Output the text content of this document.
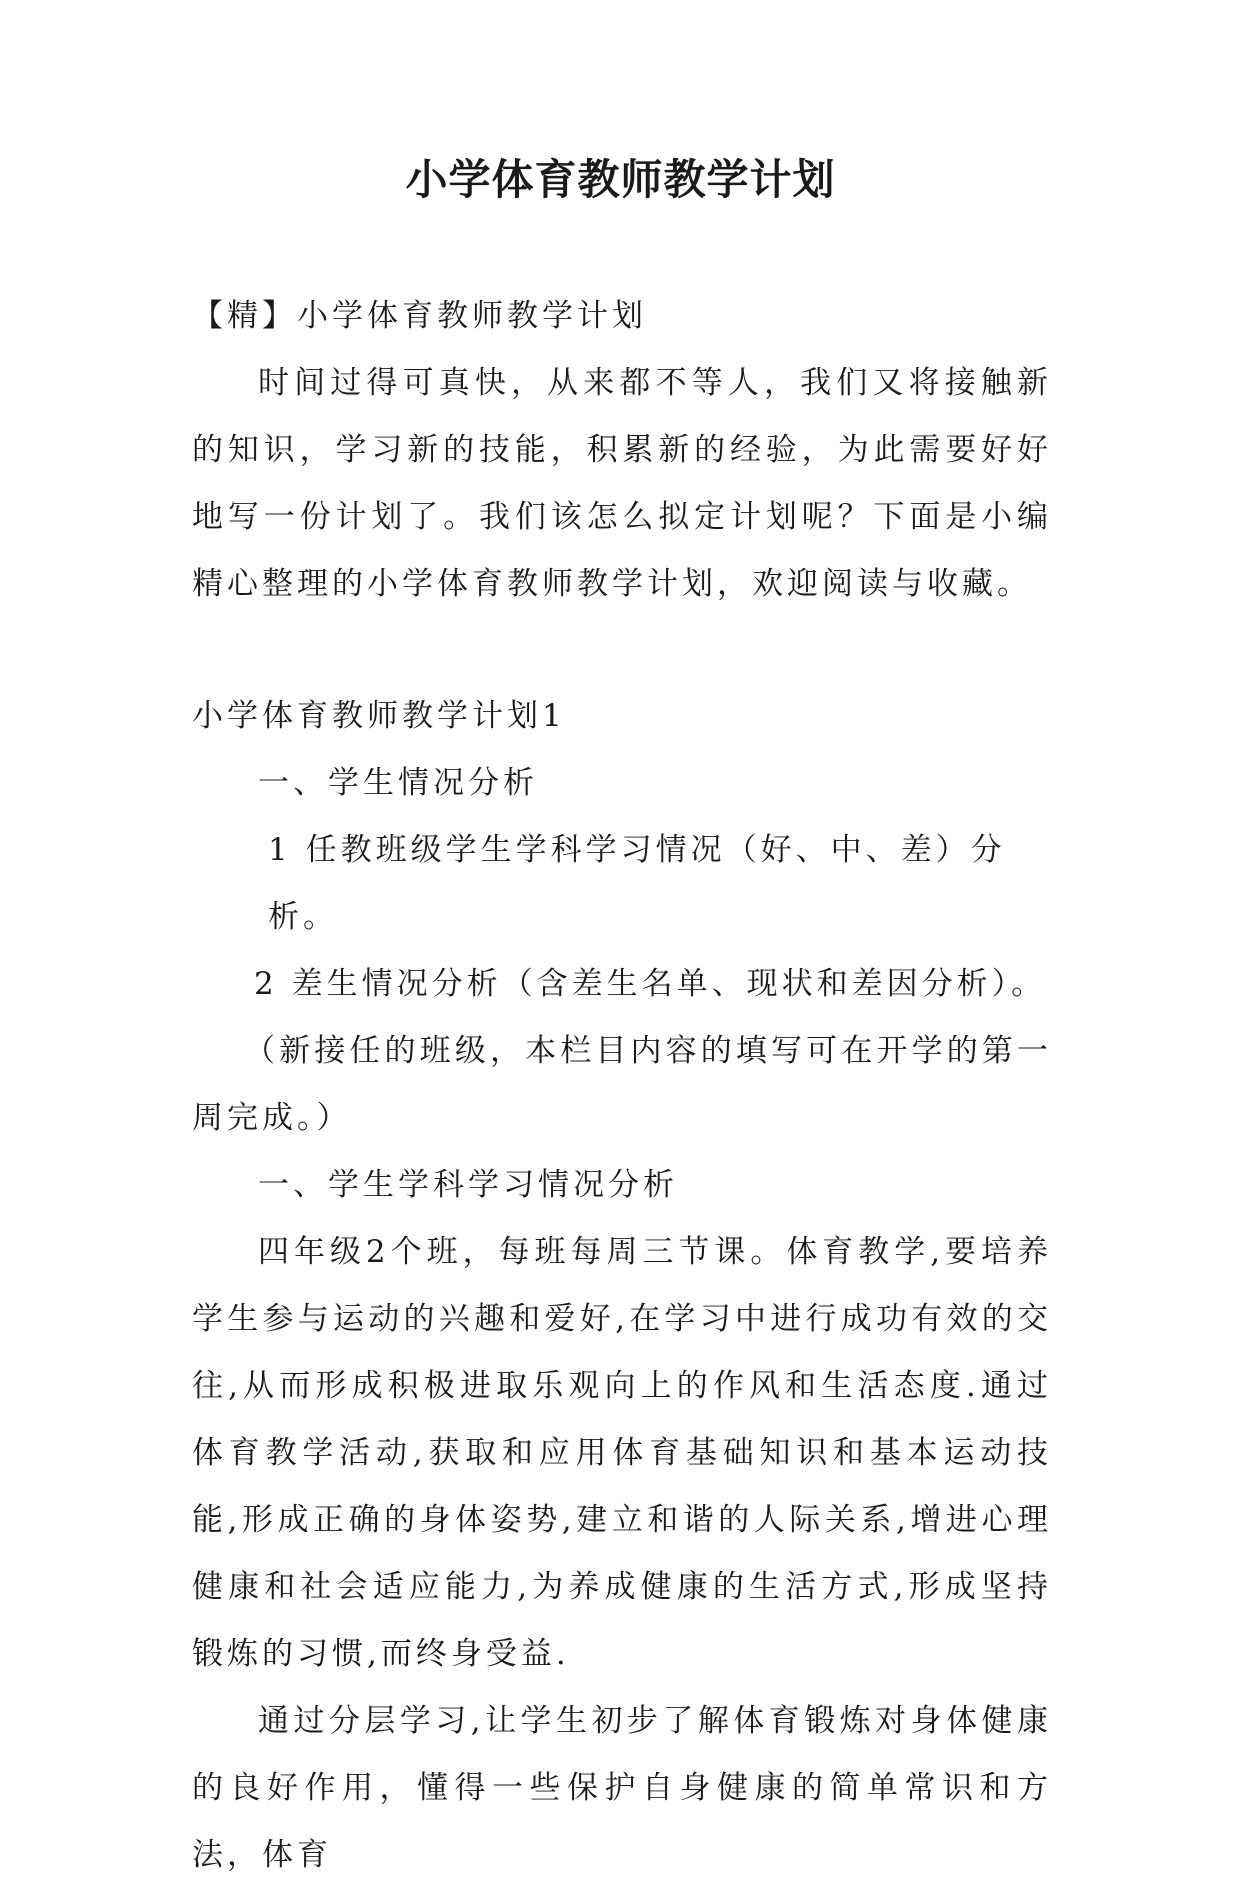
小学体育教师教学计划

【精】小学体育教师教学计划

时间过得可真快，从来都不等人，我们又将接触新的知识，学习新的技能，积累新的经验，为此需要好好地写一份计划了。我们该怎么拟定计划呢？下面是小编精心整理的小学体育教师教学计划，欢迎阅读与收藏。

小学体育教师教学计划1

一、学生情况分析

1 任教班级学生学科学习情况（好、中、差）分析。

2 差生情况分析（含差生名单、现状和差因分析）。

（新接任的班级，本栏目内容的填写可在开学的第一周完成。）

一、学生学科学习情况分析

四年级2个班，每班每周三节课。体育教学,要培养学生参与运动的兴趣和爱好,在学习中进行成功有效的交往,从而形成积极进取乐观向上的作风和生活态度.通过体育教学活动,获取和应用体育基础知识和基本运动技能,形成正确的身体姿势,建立和谐的人际关系,增进心理健康和社会适应能力,为养成健康的生活方式,形成坚持锻炼的习惯,而终身受益.

通过分层学习,让学生初步了解体育锻炼对身体健康的良好作用，懂得一些保护自身健康的简单常识和方法，体育
